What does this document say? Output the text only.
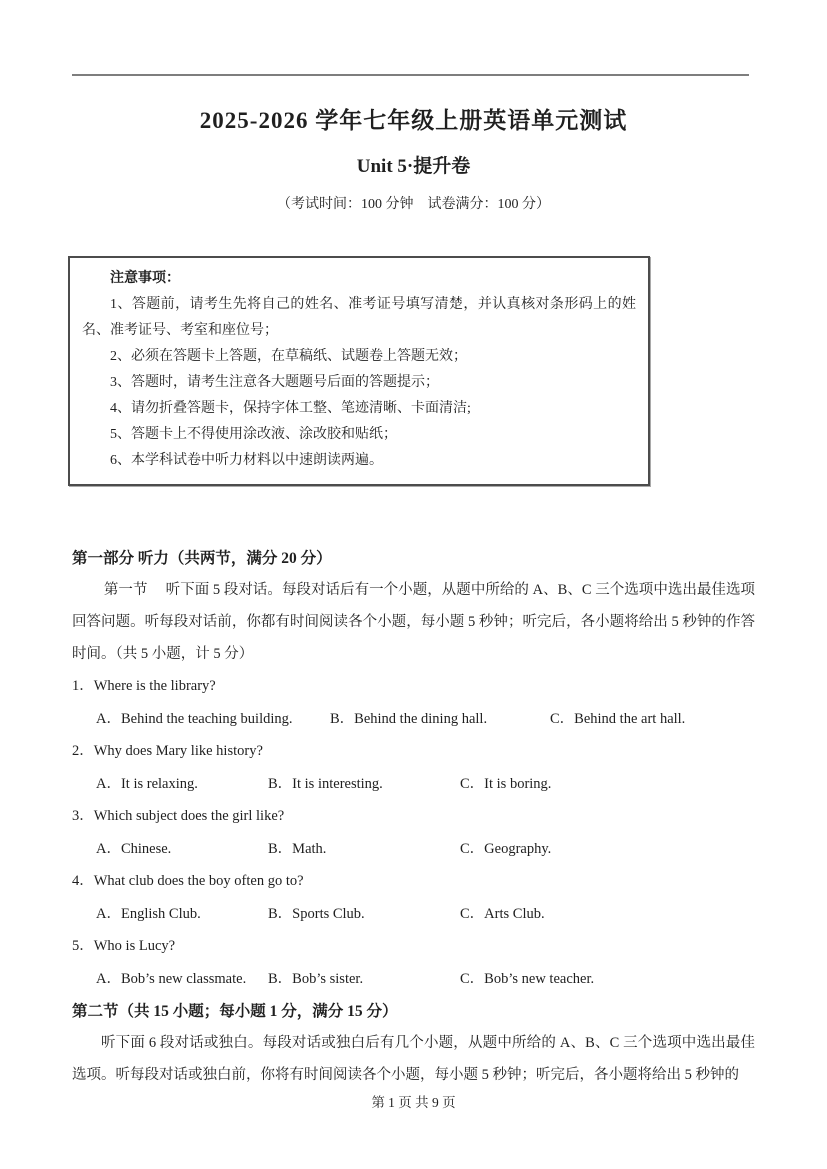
2025-2026 学年七年级上册英语单元测试
Unit 5·提升卷
（考试时间：100 分钟　试卷满分：100 分）

注意事项：

1、答题前，请考生先将自己的姓名、准考证号填写清楚，并认真核对条形码上的姓名、准考证号、考室和座位号；

2、必须在答题卡上答题，在草稿纸、试题卷上答题无效；

3、答题时，请考生注意各大题题号后面的答题提示；

4、请勿折叠答题卡，保持字体工整、笔迹清晰、卡面清洁;

5、答题卡上不得使用涂改液、涂改胶和贴纸；

6、本学科试卷中听力材料以中速朗读两遍。

第一部分 听力（共两节，满分 20 分）

第一节　 听下面 5 段对话。每段对话后有一个小题，从题中所给的 A、B、C 三个选项中选出最佳选项回答问题。听每段对话前，你都有时间阅读各个小题，每小题 5 秒钟；听完后，各小题将给出 5 秒钟的作答时间。（共 5 小题，计 5 分）

1．Where is the library?

A．Behind the teaching building.	B．Behind the dining hall.	C．Behind the art hall.

2．Why does Mary like history?

A．It is relaxing.	B．It is interesting.	C．It is boring.

3．Which subject does the girl like?

A．Chinese.	B．Math.	C．Geography.

4．What club does the boy often go to?

A．English Club.	B．Sports Club.	C．Arts Club.

5．Who is Lucy?

A．Bob’s new classmate.	B．Bob’s sister.	C．Bob’s new teacher.
第二节（共 15 小题；每小题 1 分，满分 15 分）

听下面 6 段对话或独白。每段对话或独白后有几个小题，从题中所给的 A、B、C 三个选项中选出最佳选项。听每段对话或独白前，你将有时间阅读各个小题，每小题 5 秒钟；听完后，各小题将给出 5 秒钟的

第 1 页 共 9 页
